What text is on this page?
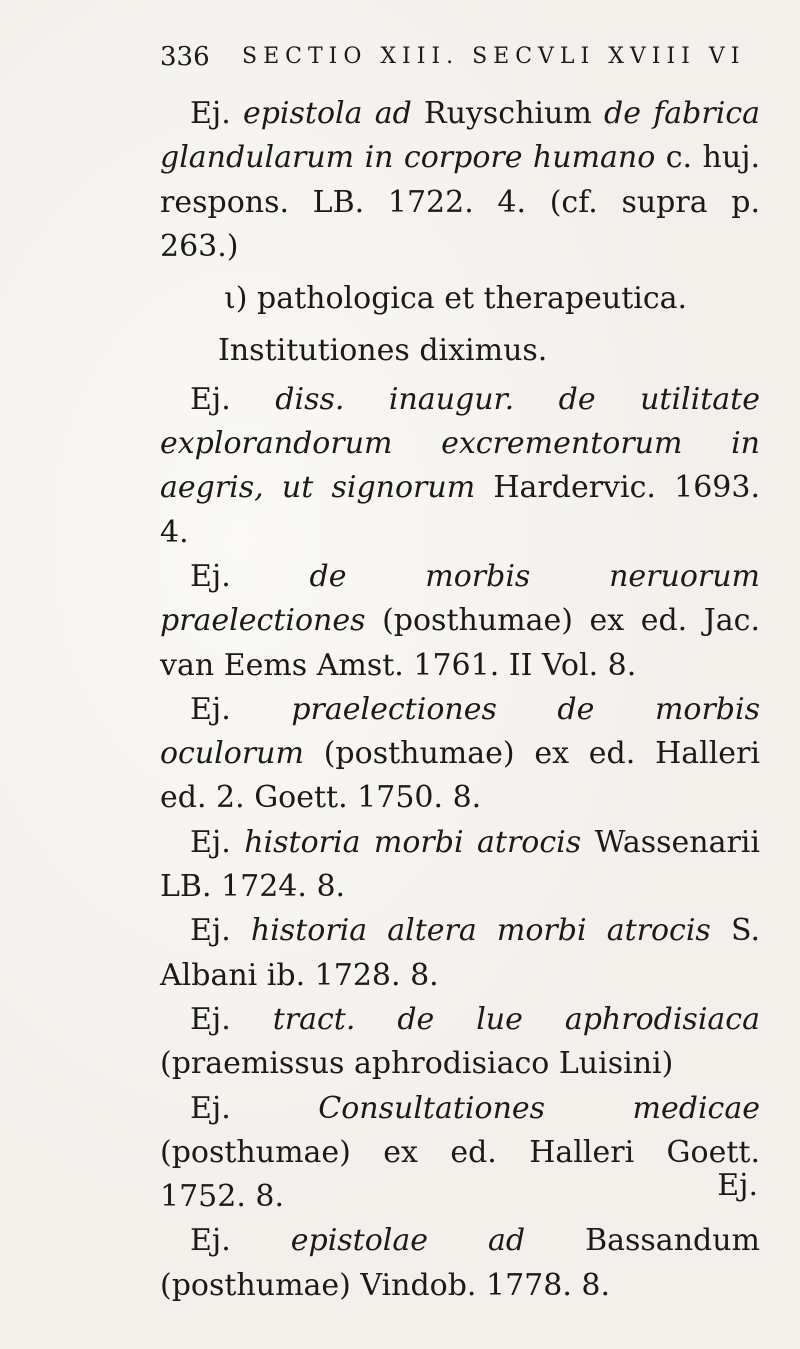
336 SECTIO XIII. SECVLI XVIII VI

Ej. epistola ad Ruyschium de fabrica glandularum in corpore humano c. huj. respons. LB. 1722. 4. (cf. supra p. 263.)

ι) pathologica et therapeutica.

Institutiones diximus.

Ej. diss. inaugur. de utilitate explorandorum excrementorum in aegris, ut signorum Hardervic. 1693. 4.

Ej.	de morbis neruorum praelectiones (posthumae) ex ed. Jac. van Eems Amst. 1761. II Vol. 8.

Ej. praelectiones de morbis oculorum (posthumae) ex ed. Halleri ed. 2. Goett. 1750. 8.

Ej. historia morbi atrocis Wassenarii LB. 1724. 8.

Ej. historia altera morbi atrocis S. Albani ib. 1728. 8.

Ej. tract. de lue aphrodisiaca (praemissus aphrodisiaco Luisini)

Ej.	Consultationes medicae (posthumae) ex ed. Halleri Goett. 1752. 8.

Ej. epistolae ad Bassandum (posthumae) Vindob. 1778. 8.

Ej.
